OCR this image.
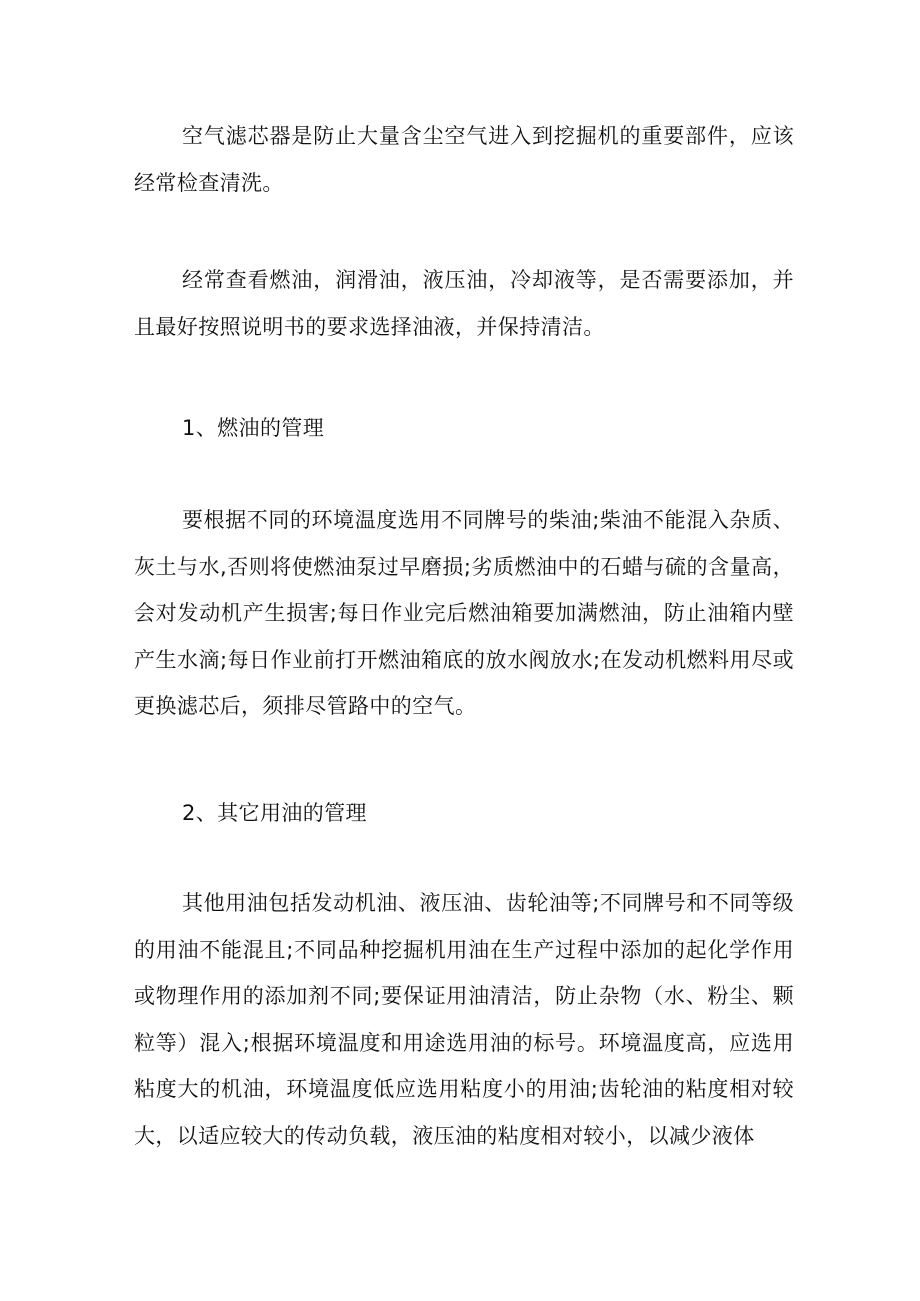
空气滤芯器是防止大量含尘空气进入到挖掘机的重要部件，应该经常检查清洗。

经常查看燃油，润滑油，液压油，冷却液等，是否需要添加，并且最好按照说明书的要求选择油液，并保持清洁。

1、燃油的管理

要根据不同的环境温度选用不同牌号的柴油;柴油不能混入杂质、灰土与水,否则将使燃油泵过早磨损;劣质燃油中的石蜡与硫的含量高，会对发动机产生损害;每日作业完后燃油箱要加满燃油，防止油箱内壁产生水滴;每日作业前打开燃油箱底的放水阀放水;在发动机燃料用尽或更换滤芯后，须排尽管路中的空气。

2、其它用油的管理

其他用油包括发动机油、液压油、齿轮油等;不同牌号和不同等级的用油不能混且;不同品种挖掘机用油在生产过程中添加的起化学作用或物理作用的添加剂不同;要保证用油清洁，防止杂物（水、粉尘、颗粒等）混入;根据环境温度和用途选用油的标号。环境温度高，应选用粘度大的机油，环境温度低应选用粘度小的用油;齿轮油的粘度相对较大，以适应较大的传动负载，液压油的粘度相对较小，以减少液体
